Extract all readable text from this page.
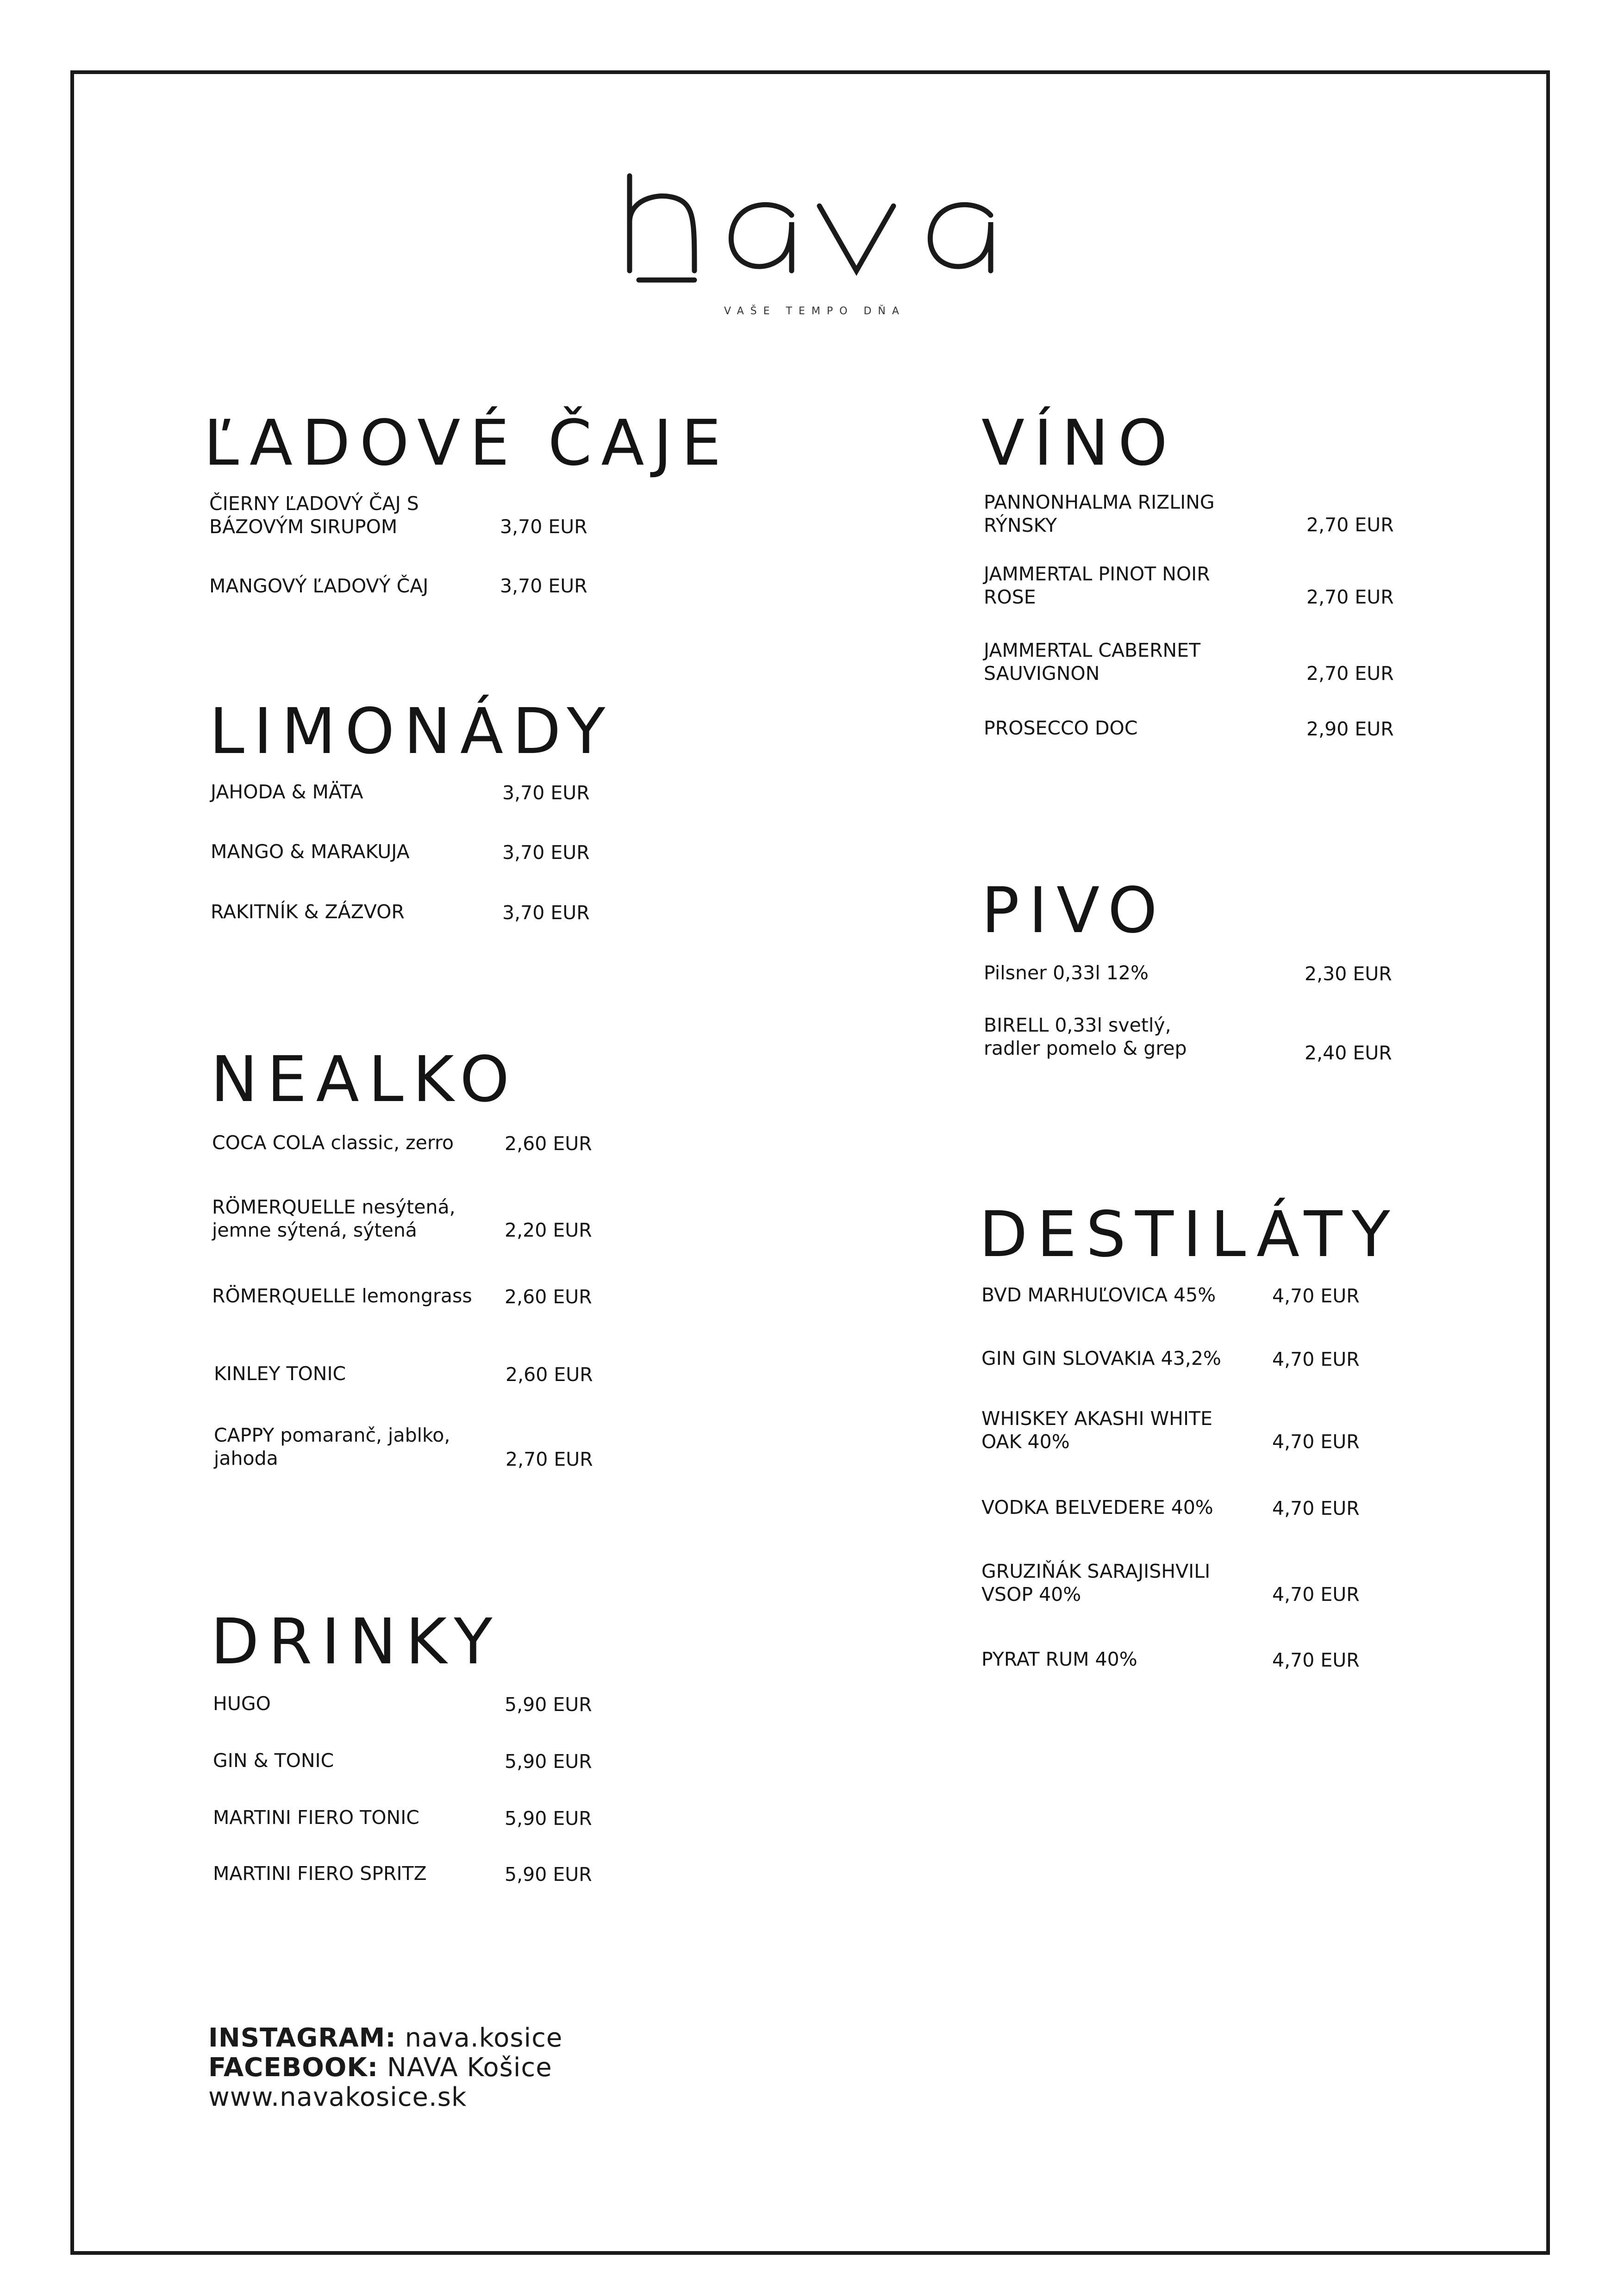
VAŠE TEMPO DŇA
ĽADOVÉ ČAJE
ČIERNY ĽADOVÝ ČAJ S
BÁZOVÝM SIRUPOM	3,70 EUR
MANGOVÝ ĽADOVÝ ČAJ	3,70 EUR
LIMONÁDY
JAHODA & MÄTA	3,70 EUR
MANGO & MARAKUJA	3,70 EUR
RAKITNÍK & ZÁZVOR	3,70 EUR
NEALKO
COCA COLA classic, zerro	2,60 EUR
RÖMERQUELLE nesýtená,
jemne sýtená, sýtená	2,20 EUR
RÖMERQUELLE lemongrass 2,60 EUR
KINLEY TONIC	2,60 EUR
CAPPY pomaranč, jablko,
jahoda	2,70 EUR
DRINKY
HUGO	5,90 EUR
GIN & TONIC	5,90 EUR
MARTINI FIERO TONIC	5,90 EUR
MARTINI FIERO SPRITZ	5,90 EUR
VÍNO
PANNONHALMA RIZLING
RÝNSKY	2,70 EUR
JAMMERTAL PINOT NOIR
ROSE	2,70 EUR
JAMMERTAL CABERNET
SAUVIGNON	2,70 EUR
PROSECCO DOC	2,90 EUR
PIVO
Pilsner 0,33l 12%	2,30 EUR
BIRELL 0,33l svetlý,
radler pomelo & grep	2,40 EUR
DESTILÁTY
BVD MARHUĽOVICA 45%	4,70 EUR
GIN GIN SLOVAKIA 43,2%	4,70 EUR
WHISKEY AKASHI WHITE
OAK 40%	4,70 EUR
VODKA BELVEDERE 40%	4,70 EUR
GRUZIŇÁK SARAJISHVILI
VSOP 40%	4,70 EUR
PYRAT RUM 40%	4,70 EUR
INSTAGRAM: nava.kosice
FACEBOOK: NAVA Košice
www.navakosice.sk
